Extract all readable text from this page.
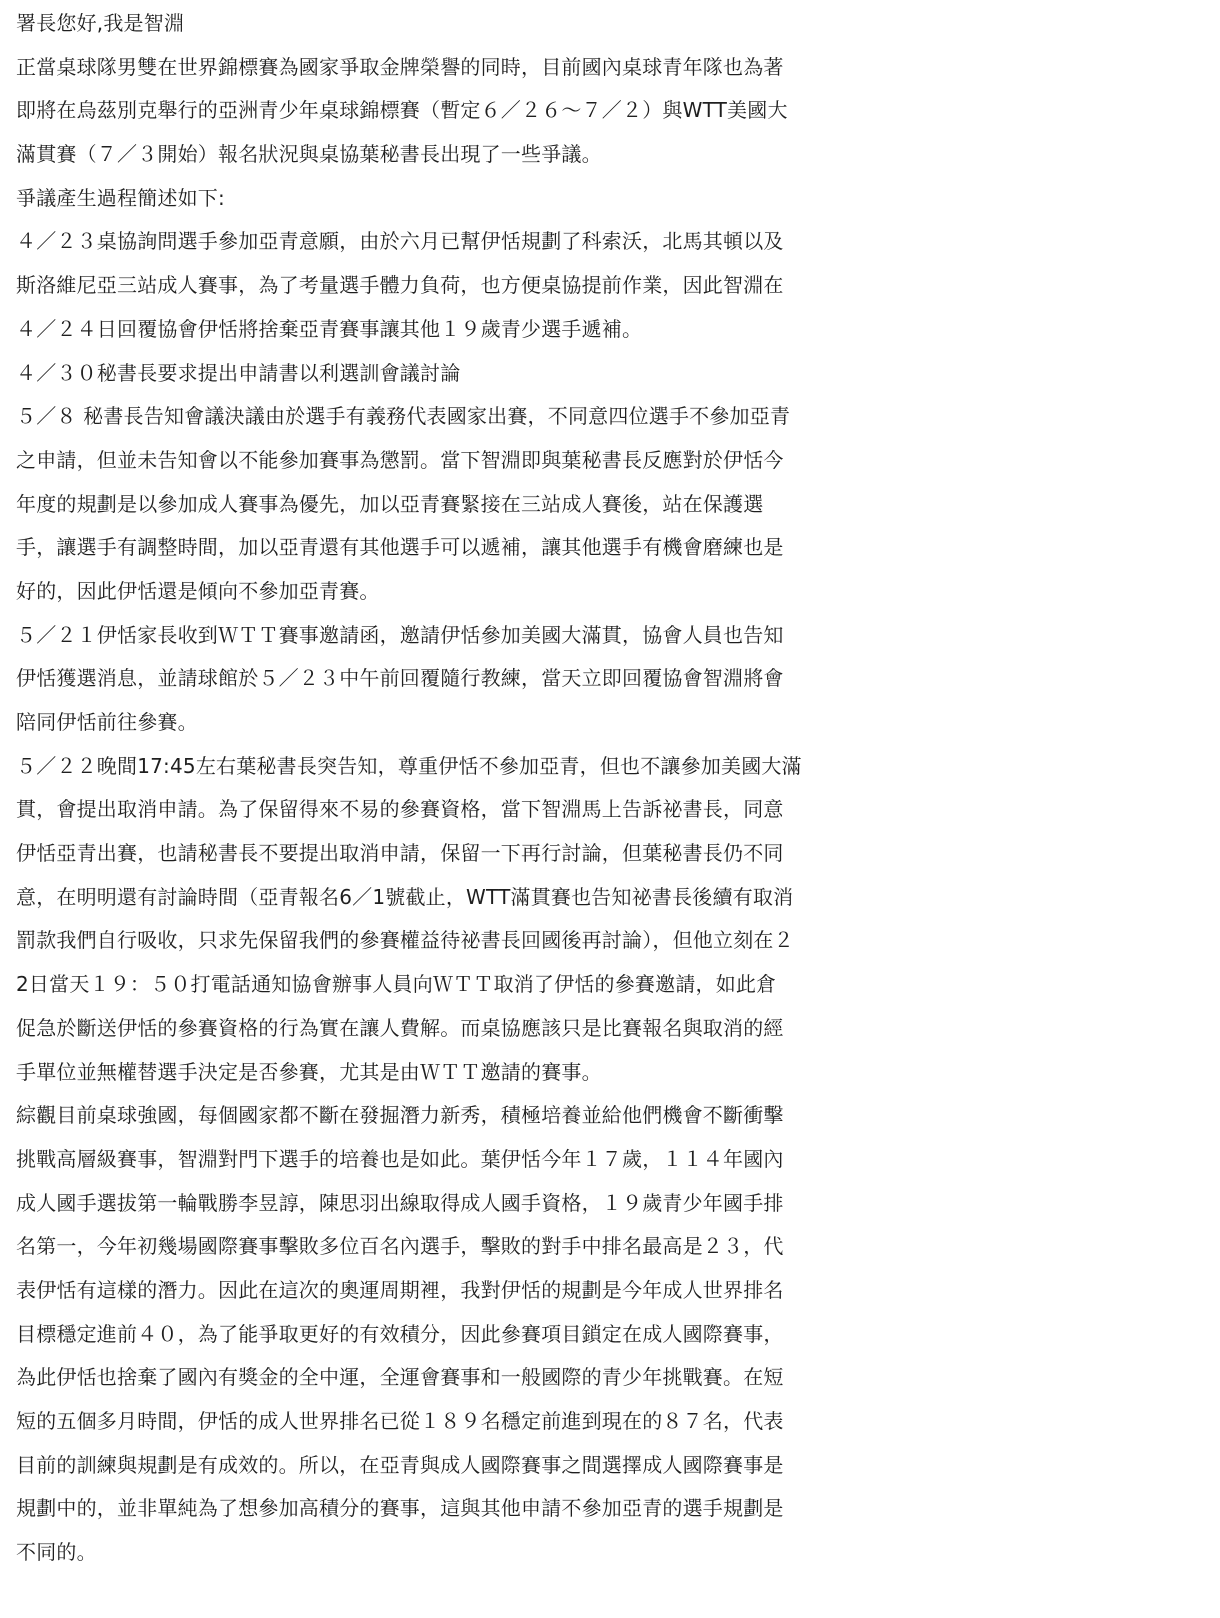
署長您好,我是智淵
正當桌球隊男雙在世界錦標賽為國家爭取金牌榮譽的同時，目前國內桌球青年隊也為著
即將在烏茲別克舉行的亞洲青少年桌球錦標賽（暫定６／２６～７／２）與WTT美國大
滿貫賽（７／３開始）報名狀況與桌協葉秘書長出現了一些爭議。
爭議產生過程簡述如下:
４／２３桌協詢問選手參加亞青意願，由於六月已幫伊恬規劃了科索沃，北馬其頓以及
斯洛維尼亞三站成人賽事，為了考量選手體力負荷，也方便桌協提前作業，因此智淵在
４／２４日回覆協會伊恬將捨棄亞青賽事讓其他１９歲青少選手遞補。
４／３０秘書長要求提出申請書以利選訓會議討論
５／８ 秘書長告知會議決議由於選手有義務代表國家出賽，不同意四位選手不參加亞青
之申請，但並未告知會以不能參加賽事為懲罰。當下智淵即與葉秘書長反應對於伊恬今
年度的規劃是以參加成人賽事為優先，加以亞青賽緊接在三站成人賽後，站在保護選
手，讓選手有調整時間，加以亞青還有其他選手可以遞補，讓其他選手有機會磨練也是
好的，因此伊恬還是傾向不參加亞青賽。
５／２１伊恬家長收到ＷＴＴ賽事邀請函，邀請伊恬參加美國大滿貫，協會人員也告知
伊恬獲選消息，並請球館於５／２３中午前回覆隨行教練，當天立即回覆協會智淵將會
陪同伊恬前往參賽。
５／２２晚間17:45左右葉秘書長突告知，尊重伊恬不參加亞青，但也不讓參加美國大滿
貫，會提出取消申請。為了保留得來不易的參賽資格，當下智淵馬上告訴祕書長，同意
伊恬亞青出賽，也請秘書長不要提出取消申請，保留一下再行討論，但葉秘書長仍不同
意，在明明還有討論時間（亞青報名6／1號截止，WTT滿貫賽也告知祕書長後續有取消
罰款我們自行吸收，只求先保留我們的參賽權益待祕書長回國後再討論），但他立刻在２
2日當天１９：５０打電話通知協會辦事人員向ＷＴＴ取消了伊恬的參賽邀請，如此倉
促急於斷送伊恬的參賽資格的行為實在讓人費解。而桌協應該只是比賽報名與取消的經
手單位並無權替選手決定是否參賽，尤其是由ＷＴＴ邀請的賽事。
綜觀目前桌球強國，每個國家都不斷在發掘潛力新秀，積極培養並給他們機會不斷衝擊
挑戰高層級賽事，智淵對門下選手的培養也是如此。葉伊恬今年１７歲，１１４年國內
成人國手選拔第一輪戰勝李昱諄，陳思羽出線取得成人國手資格，１９歲青少年國手排
名第一，今年初幾場國際賽事擊敗多位百名內選手，擊敗的對手中排名最高是２３，代
表伊恬有這樣的潛力。因此在這次的奧運周期裡，我對伊恬的規劃是今年成人世界排名
目標穩定進前４０，為了能爭取更好的有效積分，因此參賽項目鎖定在成人國際賽事，
為此伊恬也捨棄了國內有獎金的全中運，全運會賽事和一般國際的青少年挑戰賽。在短
短的五個多月時間，伊恬的成人世界排名已從１８９名穩定前進到現在的８７名，代表
目前的訓練與規劃是有成效的。所以，在亞青與成人國際賽事之間選擇成人國際賽事是
規劃中的，並非單純為了想參加高積分的賽事，這與其他申請不參加亞青的選手規劃是
不同的。
